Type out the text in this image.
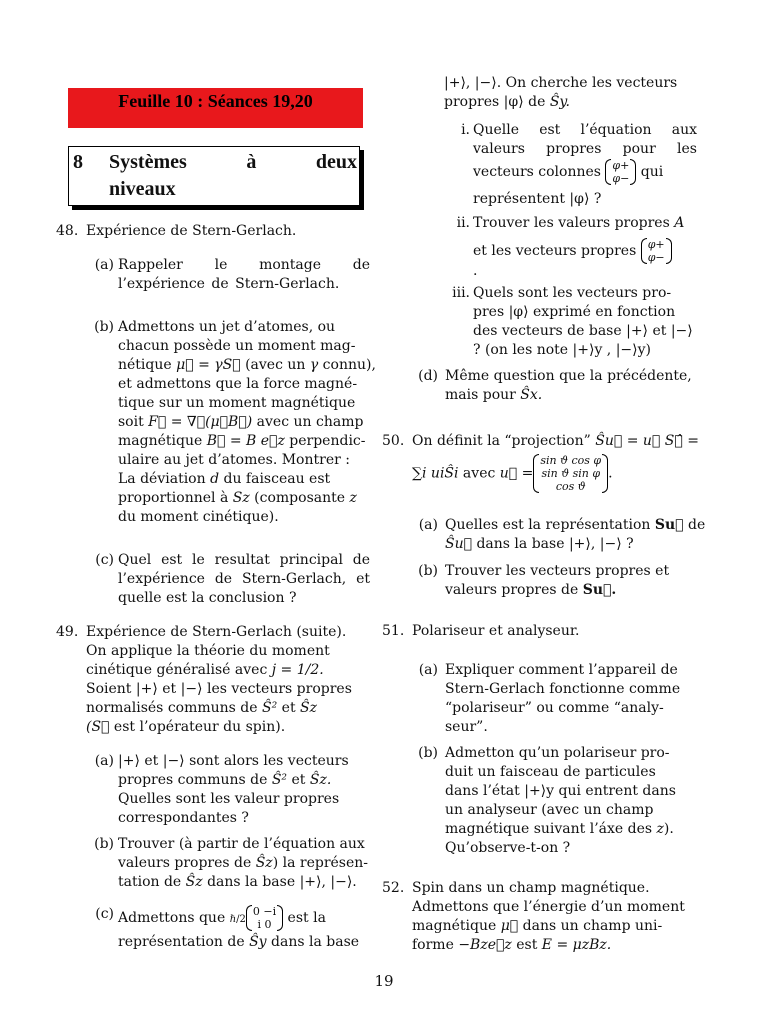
Feuille 10 : Séances 19,20
8 Systèmes à deux
niveaux
48. Expérience de Stern-Gerlach.
(a) Rappeler le montage de l’expérience de Stern-Gerlach.

(b) Admettons un jet d’atomes, ou
chacun possède un moment mag-
nétique μ⃗ = γS⃗ (avec un γ connu),
et admettons que la force magné-
tique sur un moment magnétique
soit F⃗ = ∇⃗(μ⃗B⃗) avec un champ
magnétique B⃗ = B e⃗z perpendic-
ulaire au jet d’atomes. Montrer :
La déviation d du faisceau est
proportionnel à Sz (composante z
du moment cinétique).
(c) Quel est le resultat principal de l’expérience de Stern-Gerlach, et quelle est la conclusion ?

49. Expérience de Stern-Gerlach (suite).
On applique la théorie du moment
cinétique généralisé avec j = 1/2.
Soient |+⟩ et |−⟩ les vecteurs propres
normalisés communs de Ŝ² et Ŝz
(S⃗ est l’opérateur du spin).
(a) |+⟩ et |−⟩ sont alors les vecteurs
propres communs de Ŝ² et Ŝz.
Quelles sont les valeur propres
correspondantes ?
(b) Trouver (à partir de l’équation aux
valeurs propres de Ŝz) la représen-
tation de Ŝz dans la base |+⟩, |−⟩.
(c) Admettons que ℏ/20 −i
i 0 est la
représentation de Ŝy dans la base
|+⟩, |−⟩. On cherche les vecteurs
propres |φ⟩ de Ŝy.
i. Quelle est l’équation aux
valeurs propres pour les
vecteurs colonnes φ+
φ− qui
représentent |φ⟩ ?
ii. Trouver les valeurs propres A
et les vecteurs propres φ+
φ−
.
iii. Quels sont les vecteurs pro-
pres |φ⟩ exprimé en fonction
des vecteurs de base |+⟩ et |−⟩
? (on les note |+⟩y , |−⟩y)
(d) Même question que la précédente,
mais pour Ŝx.
50. On définit la “projection” Ŝu⃗ = u⃗ S⃗̂ =
∑i uiŜi avec u⃗ =sin ϑ cos φ
sin ϑ sin φ
cos ϑ.
(a) Quelles est la représentation Su⃗ de
Ŝu⃗ dans la base |+⟩, |−⟩ ?
(b) Trouver les vecteurs propres et
valeurs propres de Su⃗.
51. Polariseur et analyseur.
(a) Expliquer comment l’appareil de
Stern-Gerlach fonctionne comme
“polariseur” ou comme “analy-
seur”.
(b) Admetton qu’un polariseur pro-
duit un faisceau de particules
dans l’état |+⟩y qui entrent dans
un analyseur (avec un champ
magnétique suivant l’áxe des z).
Qu’observe-t-on ?
52. Spin dans un champ magnétique.
Admettons que l’énergie d’un moment
magnétique μ⃗ dans un champ uni-
forme −Bze⃗z est E = μzBz.
19
